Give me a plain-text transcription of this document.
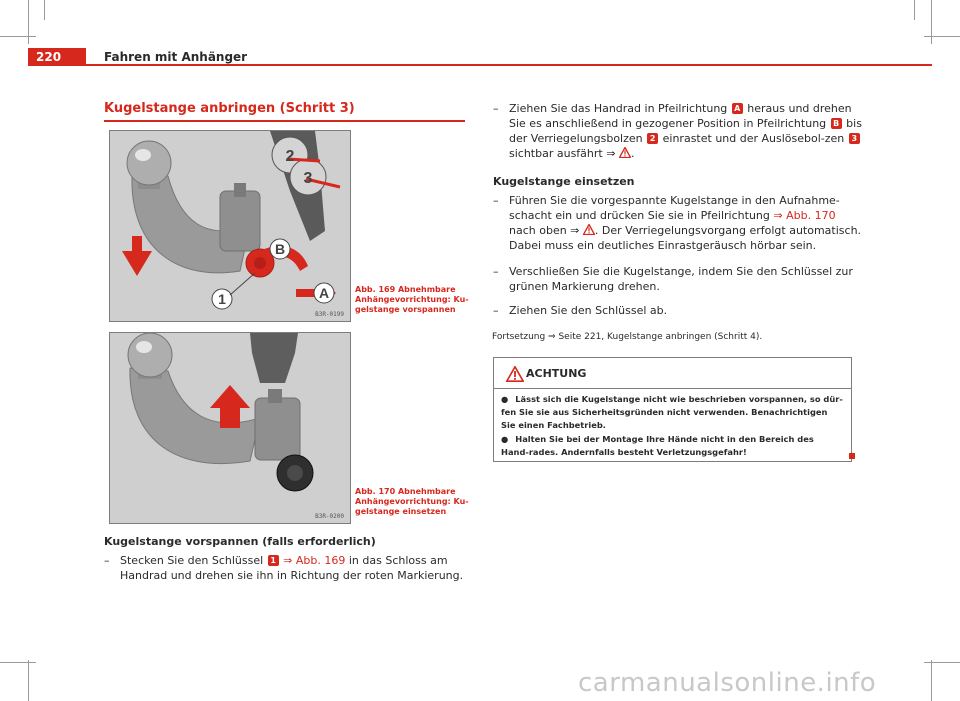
220	Fahren mit Anhänger
Kugelstange anbringen (Schritt 3)
2
3
B
1	A
B3R-0199
Abb. 169 Abnehmbare Anhängevorrichtung: Ku-gelstange vorspannen
B3R-0200
Abb. 170 Abnehmbare Anhängevorrichtung: Ku-gelstange einsetzen
Kugelstange vorspannen (falls erforderlich)
– Stecken Sie den Schlüssel 1 ⇒ Abb. 169 in das Schloss am Handrad und drehen sie ihn in Richtung der roten Markierung.
– Ziehen Sie das Handrad in Pfeilrichtung A heraus und drehen Sie es anschließend in gezogener Position in Pfeilrichtung B bis der Verriegelungsbolzen 2 einrastet und der Auslösebol-zen 3 sichtbar ausfährt ⇒ .
Kugelstange einsetzen
– Führen Sie die vorgespannte Kugelstange in den Aufnahme-schacht ein und drücken Sie sie in Pfeilrichtung ⇒ Abb. 170 nach oben ⇒ . Der Verriegelungsvorgang erfolgt automatisch. Dabei muss ein deutliches Einrastgeräusch hörbar sein.
– Verschließen Sie die Kugelstange, indem Sie den Schlüssel zur grünen Markierung drehen.
– Ziehen Sie den Schlüssel ab.
Fortsetzung ⇒ Seite 221, Kugelstange anbringen (Schritt 4).
ACHTUNG
● Lässt sich die Kugelstange nicht wie beschrieben vorspannen, so dür-fen Sie sie aus Sicherheitsgründen nicht verwenden. Benachrichtigen Sie einen Fachbetrieb.
● Halten Sie bei der Montage Ihre Hände nicht in den Bereich des Hand-rades. Andernfalls besteht Verletzungsgefahr!
carmanualsonline.info
